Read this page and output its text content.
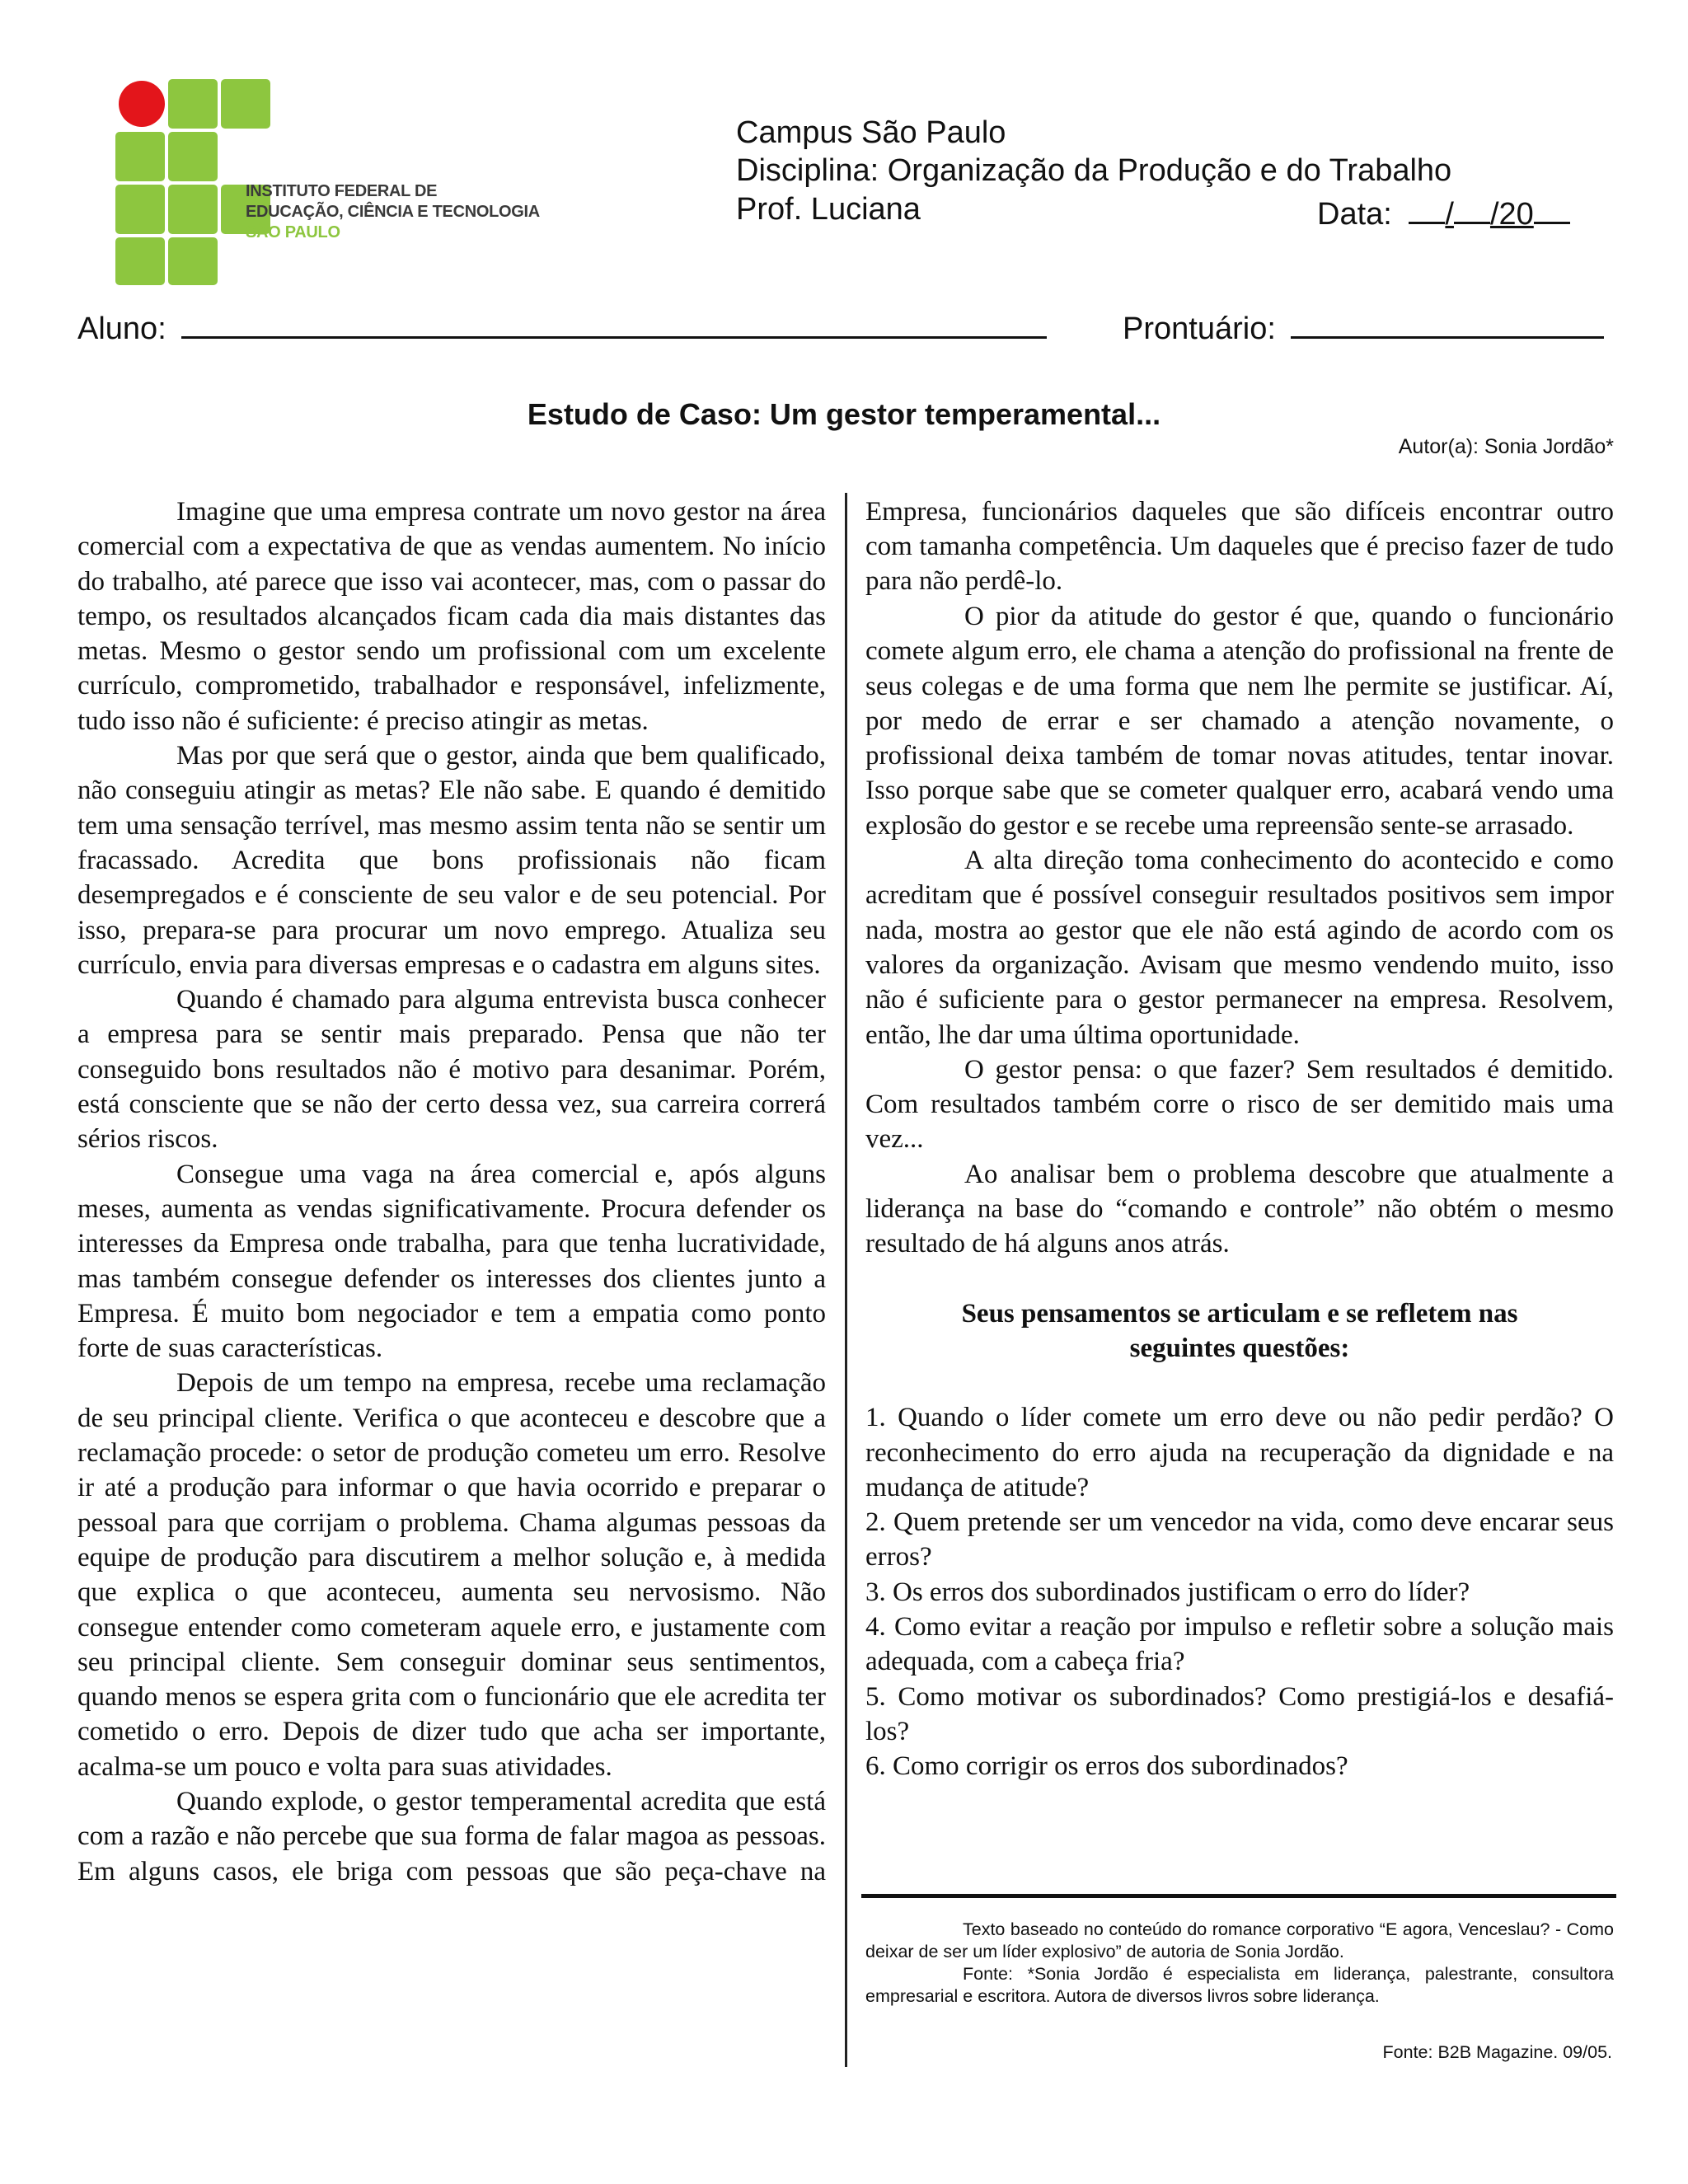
INSTITUTO FEDERAL DE
EDUCAÇÃO, CIÊNCIA E TECNOLOGIA
SÃO PAULO
Campus São Paulo
Disciplina: Organização da Produção e do Trabalho
Prof. Luciana	Data: / /20
Aluno:	Prontuário:
Estudo de Caso: Um gestor temperamental...
Autor(a): Sonia Jordão*

Imagine que uma empresa contrate um novo gestor na área comercial com a expectativa de que as vendas aumentem. No início do trabalho, até parece que isso vai acontecer, mas, com o passar do tempo, os resultados alcançados ficam cada dia mais distantes das metas. Mesmo o gestor sendo um profissional com um excelente currículo, comprometido, trabalhador e responsável, infelizmente, tudo isso não é suficiente: é preciso atingir as metas.

Mas por que será que o gestor, ainda que bem qualificado, não conseguiu atingir as metas? Ele não sabe. E quando é demitido tem uma sensação terrível, mas mesmo assim tenta não se sentir um fracassado. Acredita que bons profissionais não ficam desempregados e é consciente de seu valor e de seu potencial. Por isso, prepara-se para procurar um novo emprego. Atualiza seu currículo, envia para diversas empresas e o cadastra em alguns sites.

Quando é chamado para alguma entrevista busca conhecer a empresa para se sentir mais preparado. Pensa que não ter conseguido bons resultados não é motivo para desanimar. Porém, está consciente que se não der certo dessa vez, sua carreira correrá sérios riscos.

Consegue uma vaga na área comercial e, após alguns meses, aumenta as vendas significativamente. Procura defender os interesses da Empresa onde trabalha, para que tenha lucratividade, mas também consegue defender os interesses dos clientes junto a Empresa. É muito bom negociador e tem a empatia como ponto forte de suas características.

Depois de um tempo na empresa, recebe uma reclamação de seu principal cliente. Verifica o que aconteceu e descobre que a reclamação procede: o setor de produção cometeu um erro. Resolve ir até a produção para informar o que havia ocorrido e preparar o pessoal para que corrijam o problema. Chama algumas pessoas da equipe de produção para discutirem a melhor solução e, à medida que explica o que aconteceu, aumenta seu nervosismo. Não consegue entender como cometeram aquele erro, e justamente com seu principal cliente. Sem conseguir dominar seus sentimentos, quando menos se espera grita com o funcionário que ele acredita ter cometido o erro. Depois de dizer tudo que acha ser importante, acalma-se um pouco e volta para suas atividades.

Quando explode, o gestor temperamental acredita que está com a razão e não percebe que sua forma de falar magoa as pessoas. Em alguns casos, ele briga com pessoas que são peça-chave na

Empresa, funcionários daqueles que são difíceis encontrar outro com tamanha competência. Um daqueles que é preciso fazer de tudo para não perdê-lo.

O pior da atitude do gestor é que, quando o funcionário comete algum erro, ele chama a atenção do profissional na frente de seus colegas e de uma forma que nem lhe permite se justificar. Aí, por medo de errar e ser chamado a atenção novamente, o profissional deixa também de tomar novas atitudes, tentar inovar. Isso porque sabe que se cometer qualquer erro, acabará vendo uma explosão do gestor e se recebe uma repreensão sente-se arrasado.

A alta direção toma conhecimento do acontecido e como acreditam que é possível conseguir resultados positivos sem impor nada, mostra ao gestor que ele não está agindo de acordo com os valores da organização. Avisam que mesmo vendendo muito, isso não é suficiente para o gestor permanecer na empresa. Resolvem, então, lhe dar uma última oportunidade.

O gestor pensa: o que fazer? Sem resultados é demitido. Com resultados também corre o risco de ser demitido mais uma vez...

Ao analisar bem o problema descobre que atualmente a liderança na base do “comando e controle” não obtém o mesmo resultado de há alguns anos atrás.

Seus pensamentos se articulam e se refletem nas seguintes questões:

1. Quando o líder comete um erro deve ou não pedir perdão? O reconhecimento do erro ajuda na recuperação da dignidade e na mudança de atitude?

2. Quem pretende ser um vencedor na vida, como deve encarar seus erros?

3. Os erros dos subordinados justificam o erro do líder?

4. Como evitar a reação por impulso e refletir sobre a solução mais adequada, com a cabeça fria?

5. Como motivar os subordinados? Como prestigiá-los e desafiá-los?

6. Como corrigir os erros dos subordinados?

Texto baseado no conteúdo do romance corporativo “E agora, Venceslau? - Como deixar de ser um líder explosivo” de autoria de Sonia Jordão.

Fonte: *Sonia Jordão é especialista em liderança, palestrante, consultora empresarial e escritora. Autora de diversos livros sobre liderança.

Fonte: B2B Magazine. 09/05.
